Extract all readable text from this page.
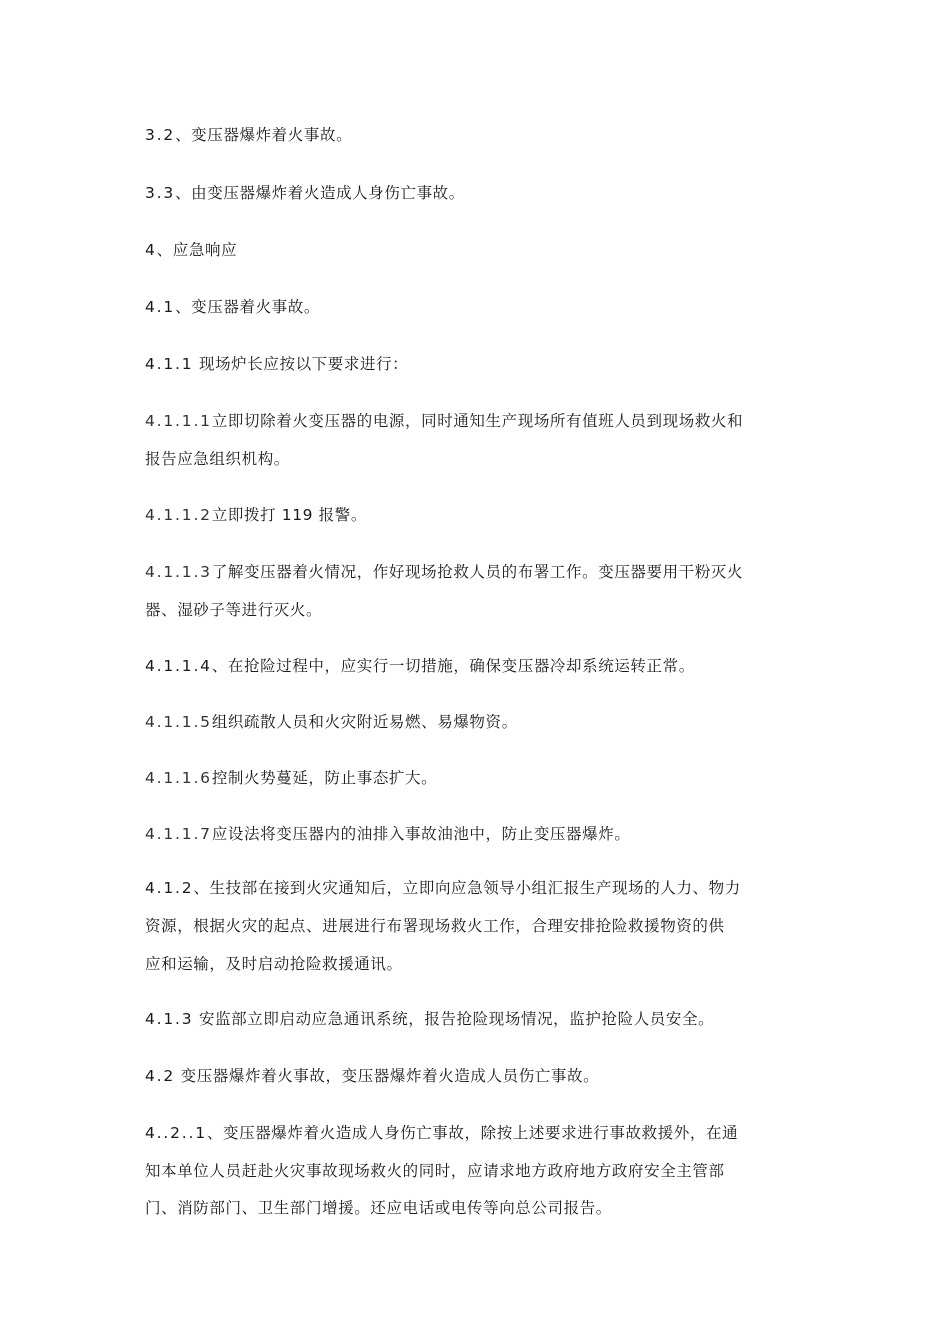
3.2、变压器爆炸着火事故。
3.3、由变压器爆炸着火造成人身伤亡事故。
4、应急响应
4.1、变压器着火事故。
4.1.1 现场炉长应按以下要求进行：
4.1.1.1立即切除着火变压器的电源，同时通知生产现场所有值班人员到现场救火和
报告应急组织机构。
4.1.1.2立即拨打 119 报警。
4.1.1.3了解变压器着火情况，作好现场抢救人员的布署工作。变压器要用干粉灭火
器、湿砂子等进行灭火。
4.1.1.4、在抢险过程中，应实行一切措施，确保变压器冷却系统运转正常。
4.1.1.5组织疏散人员和火灾附近易燃、易爆物资。
4.1.1.6控制火势蔓延，防止事态扩大。
4.1.1.7应设法将变压器内的油排入事故油池中，防止变压器爆炸。
4.1.2、生技部在接到火灾通知后，立即向应急领导小组汇报生产现场的人力、物力
资源，根据火灾的起点、进展进行布署现场救火工作，合理安排抢险救援物资的供
应和运输，及时启动抢险救援通讯。
4.1.3 安监部立即启动应急通讯系统，报告抢险现场情况，监护抢险人员安全。
4.2 变压器爆炸着火事故，变压器爆炸着火造成人员伤亡事故。
4..2..1、变压器爆炸着火造成人身伤亡事故，除按上述要求进行事故救援外，在通
知本单位人员赶赴火灾事故现场救火的同时，应请求地方政府地方政府安全主管部
门、消防部门、卫生部门增援。还应电话或电传等向总公司报告。
